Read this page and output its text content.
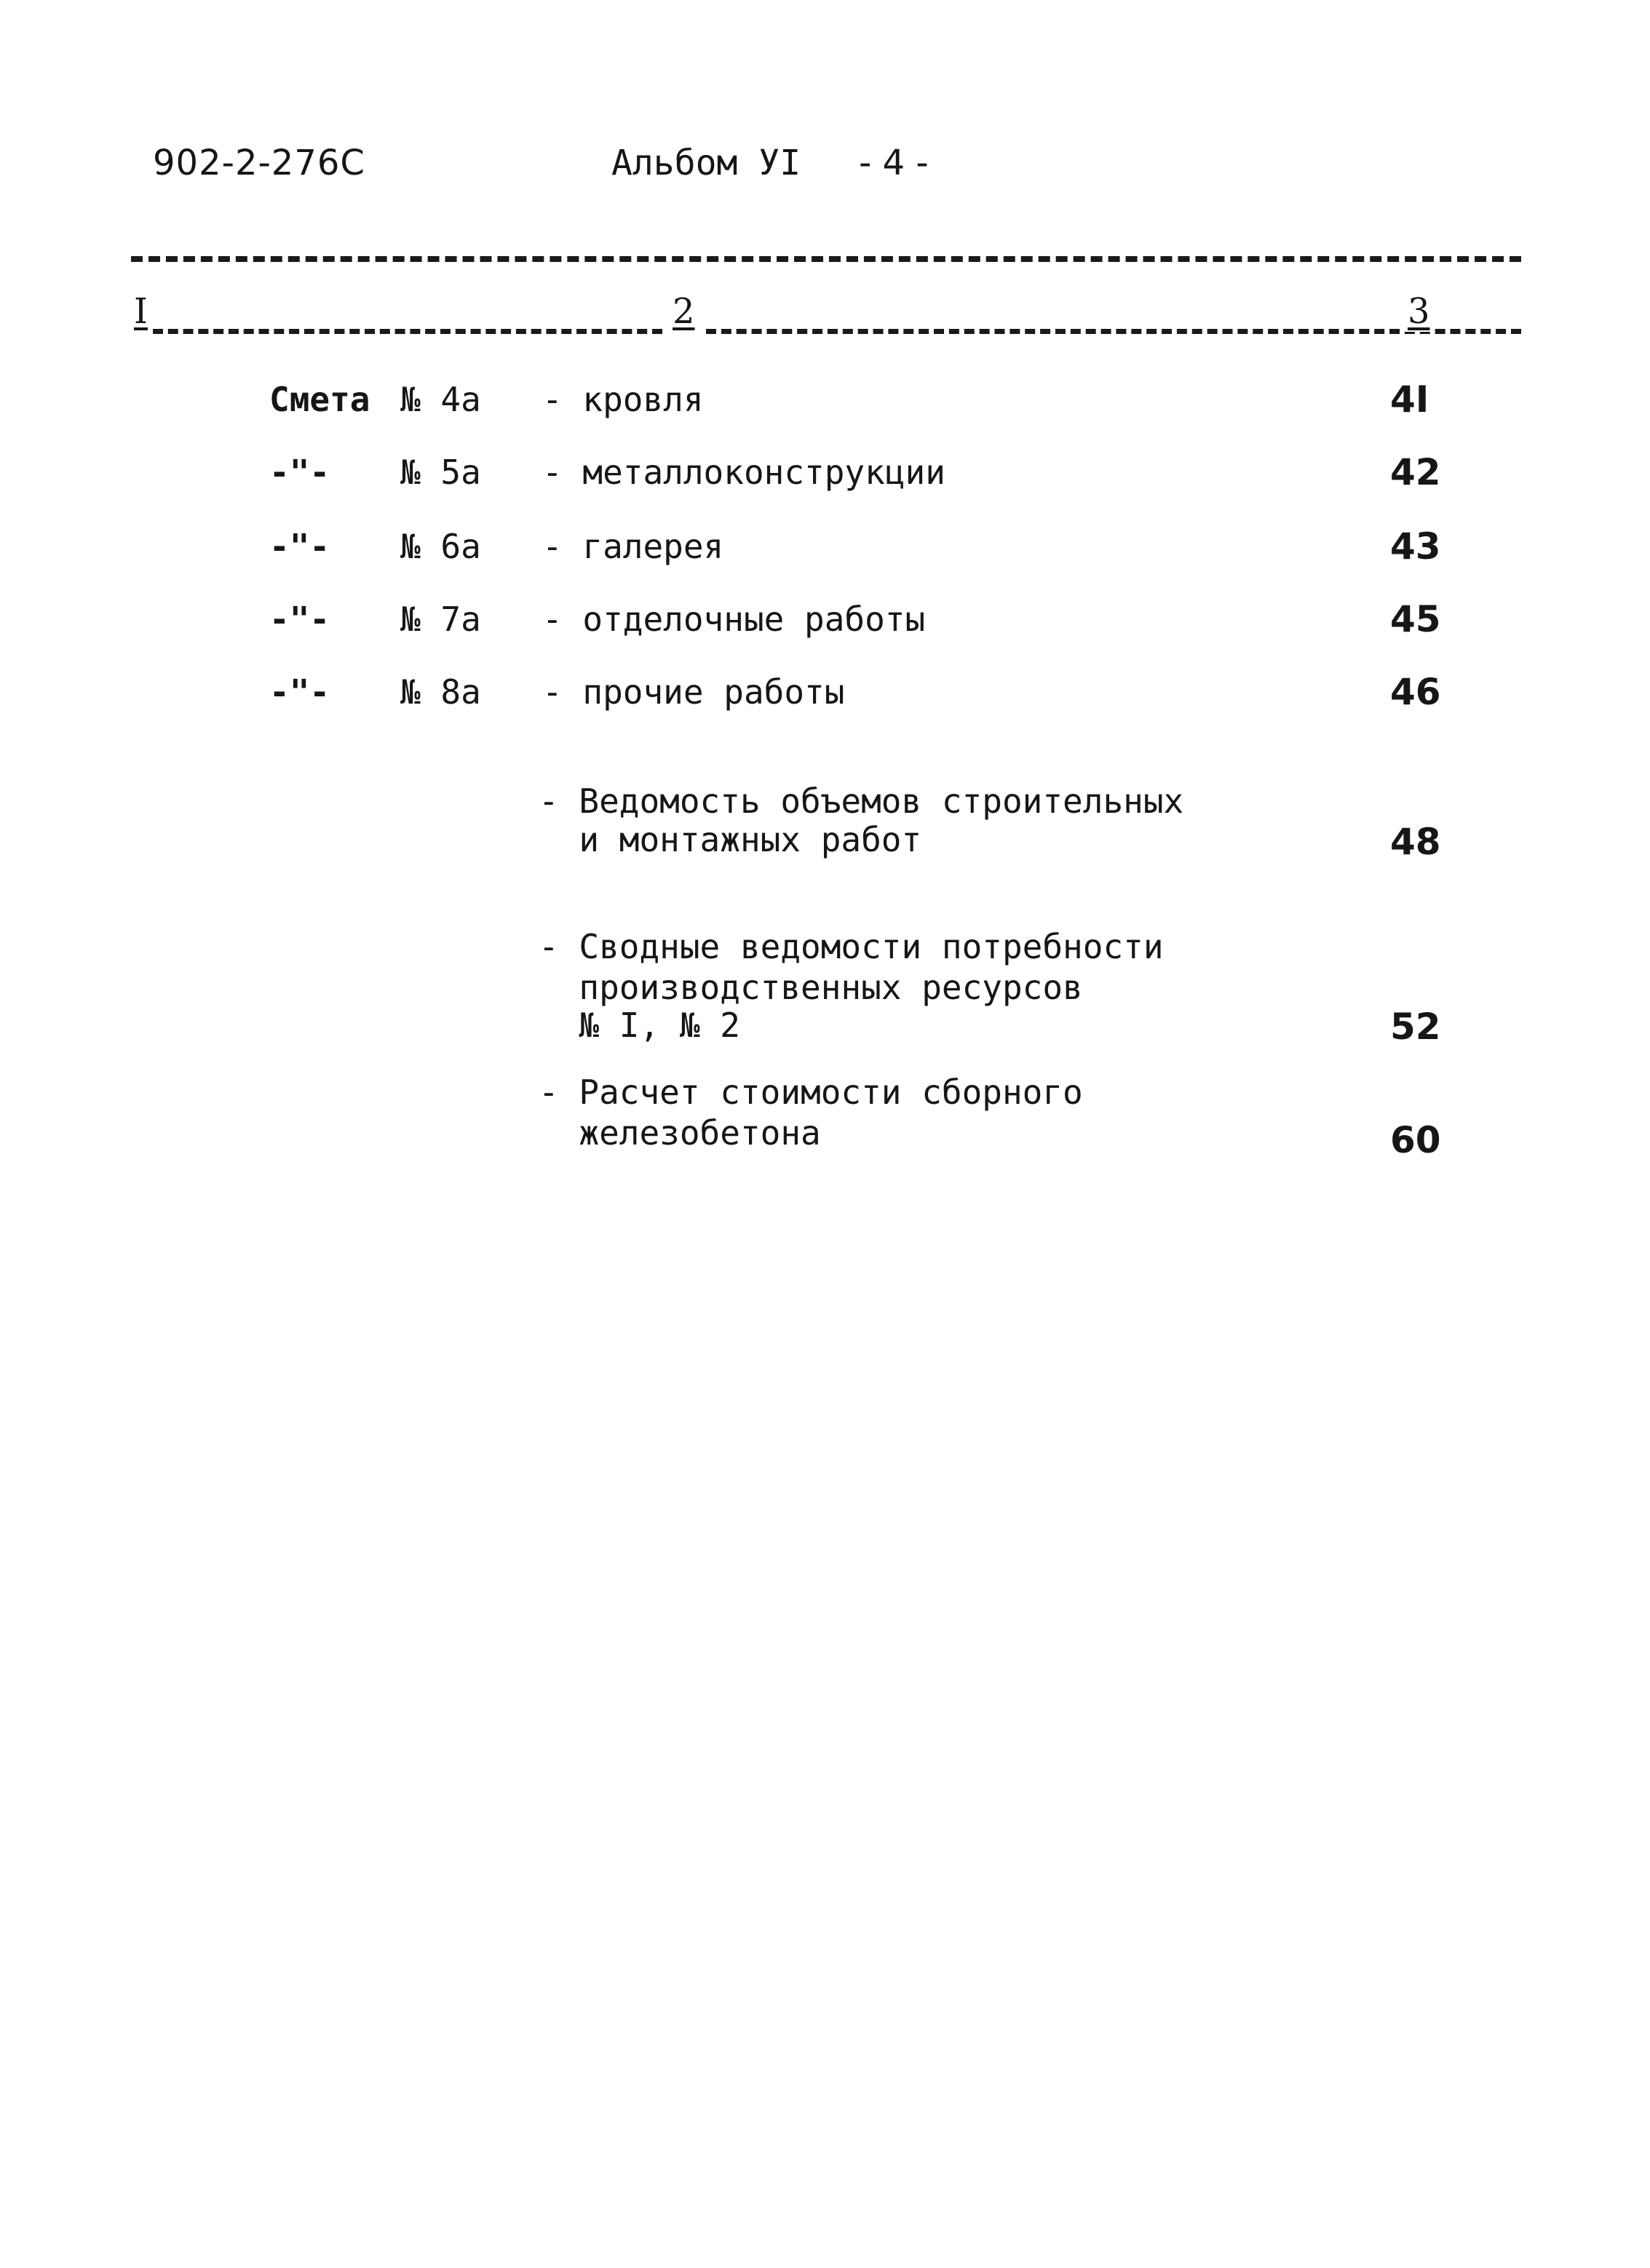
902-2-276C	Альбом УI - 4 -
I	2	3
Смета № 4а - кровля	4I
-"- № 5а - металлоконструкции	42
-"- № 6а - галерея	43
-"- № 7а - отделочные работы	45
-"- № 8а - прочие работы	46
- Ведомость объемов строительных
и монтажных работ	48
- Сводные ведомости потребности
производственных ресурсов
№ I, № 2	52
- Расчет стоимости сборного
железобетона	60
